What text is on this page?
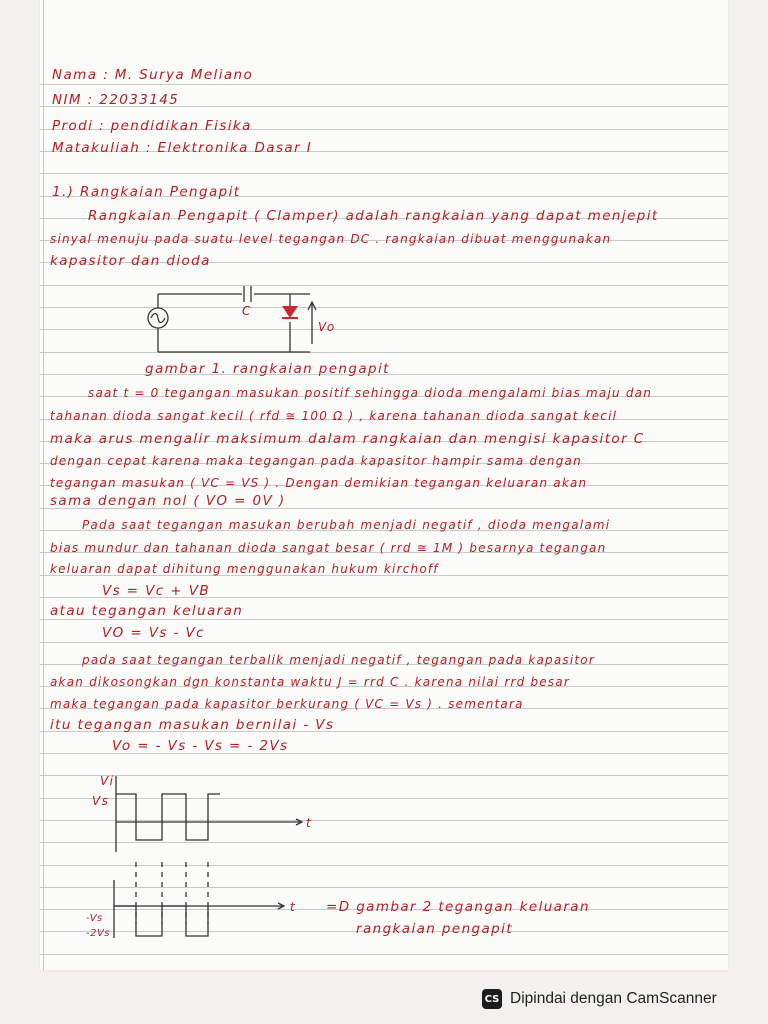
Nama : M. Surya Meliano
NIM : 22033145
Prodi : pendidikan Fisika
Matakuliah : Elektronika Dasar I
1.) Rangkaian Pengapit
Rangkaian Pengapit ( Clamper) adalah rangkaian yang dapat menjepit
sinyal menuju pada suatu level tegangan DC . rangkaian dibuat menggunakan
kapasitor dan dioda
C
Vo
gambar 1. rangkaian pengapit
saat t = 0 tegangan masukan positif sehingga dioda mengalami bias maju dan
tahanan dioda sangat kecil ( rfd ≅ 100 Ω ) , karena tahanan dioda sangat kecil
maka arus mengalir maksimum dalam rangkaian dan mengisi kapasitor C
dengan cepat karena maka tegangan pada kapasitor hampir sama dengan
tegangan masukan ( VC = VS ) . Dengan demikian tegangan keluaran akan
sama dengan nol ( VO = 0V )
Pada saat tegangan masukan berubah menjadi negatif , dioda mengalami
bias mundur dan tahanan dioda sangat besar ( rrd ≅ 1M ) besarnya tegangan
keluaran dapat dihitung menggunakan hukum kirchoff
Vs = Vc + VB
atau tegangan keluaran
VO = Vs - Vc
pada saat tegangan terbalik menjadi negatif , tegangan pada kapasitor
akan dikosongkan dgn konstanta waktu J = rrd C . karena nilai rrd besar
maka tegangan pada kapasitor berkurang ( VC = Vs ) . sementara
itu tegangan masukan bernilai - Vs
Vo = - Vs - Vs = - 2Vs
Vi
Vs
t
t
-Vs
-2Vs
=D gambar 2 tegangan keluaran
rangkaian pengapit
CS Dipindai dengan CamScanner
